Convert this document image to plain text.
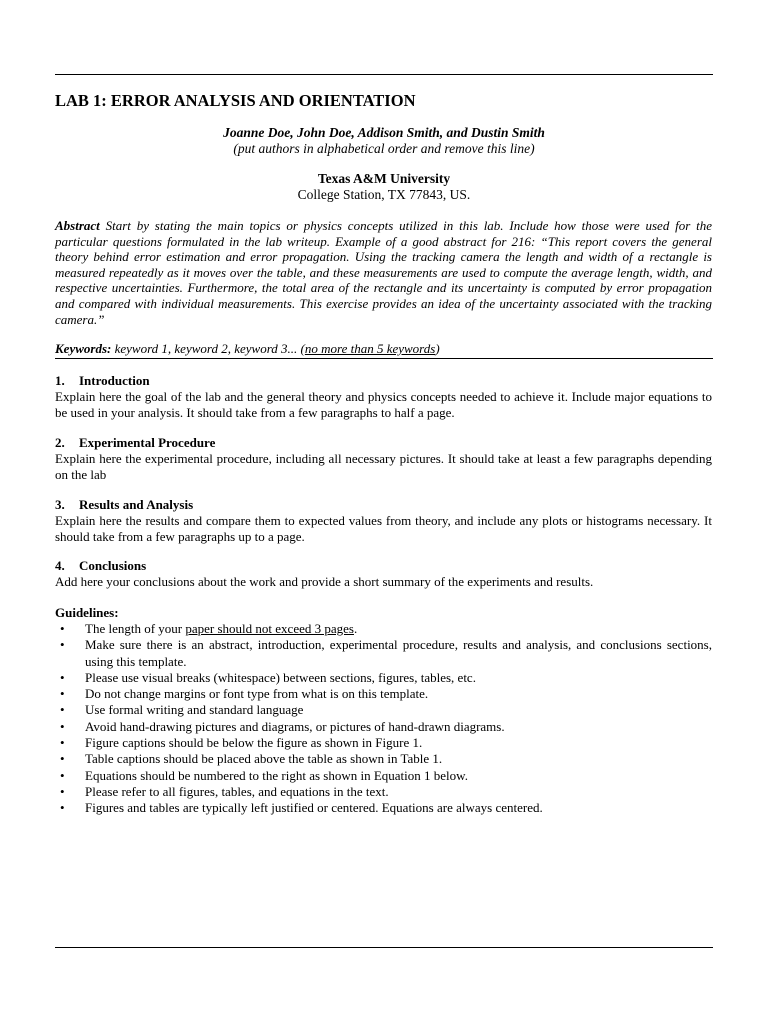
LAB 1: ERROR ANALYSIS AND ORIENTATION
Joanne Doe, John Doe, Addison Smith, and Dustin Smith
(put authors in alphabetical order and remove this line)
Texas A&M University
College Station, TX 77843, US.
Abstract Start by stating the main topics or physics concepts utilized in this lab. Include how those were used for the particular questions formulated in the lab writeup. Example of a good abstract for 216: “This report covers the general theory behind error estimation and error propagation. Using the tracking camera the length and width of a rectangle is measured repeatedly as it moves over the table, and these measurements are used to compute the average length, width, and respective uncertainties. Furthermore, the total area of the rectangle and its uncertainty is computed by error propagation and compared with individual measurements. This exercise provides an idea of the uncertainty associated with the tracking camera.”
Keywords: keyword 1, keyword 2, keyword 3... (no more than 5 keywords)
1. Introduction
Explain here the goal of the lab and the general theory and physics concepts needed to achieve it. Include major equations to be used in your analysis. It should take from a few paragraphs to half a page.
2. Experimental Procedure
Explain here the experimental procedure, including all necessary pictures. It should take at least a few paragraphs depending on the lab
3. Results and Analysis
Explain here the results and compare them to expected values from theory, and include any plots or histograms necessary. It should take from a few paragraphs up to a page.
4. Conclusions
Add here your conclusions about the work and provide a short summary of the experiments and results.
Guidelines:
• The length of your paper should not exceed 3 pages.
• Make sure there is an abstract, introduction, experimental procedure, results and analysis, and conclusions sections, using this template.
• Please use visual breaks (whitespace) between sections, figures, tables, etc.
• Do not change margins or font type from what is on this template.
• Use formal writing and standard language
• Avoid hand-drawing pictures and diagrams, or pictures of hand-drawn diagrams.
• Figure captions should be below the figure as shown in Figure 1.
• Table captions should be placed above the table as shown in Table 1.
• Equations should be numbered to the right as shown in Equation 1 below.
• Please refer to all figures, tables, and equations in the text.
• Figures and tables are typically left justified or centered. Equations are always centered.
